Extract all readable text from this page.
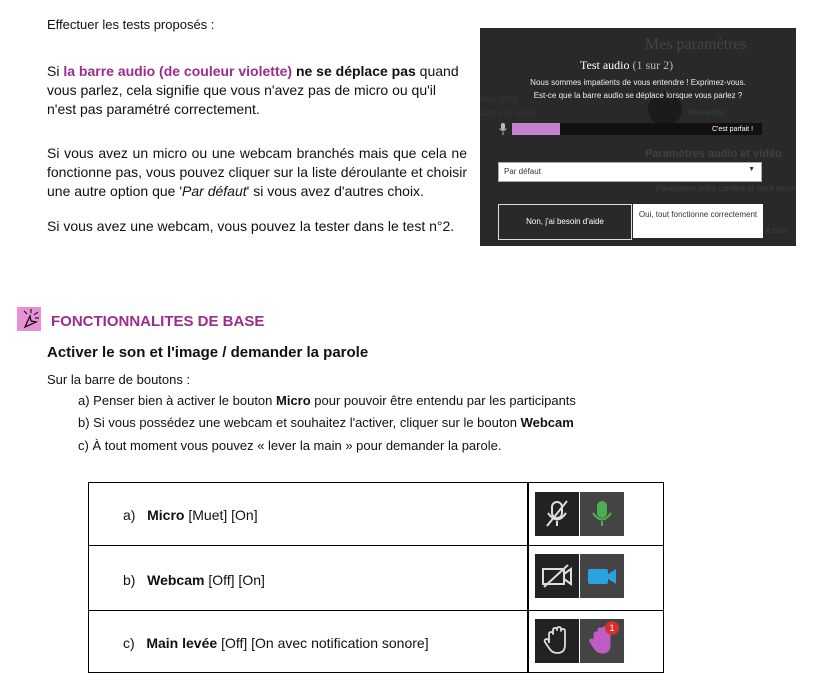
Effectuer les tests proposés :
Si la barre audio (de couleur violette) ne se déplace pas quand vous parlez, cela signifie que vous n'avez pas de micro ou qu'il n'est pas paramétré correctement.
Si vous avez un micro ou une webcam branchés mais que cela ne fonctionne pas, vous pouvez cliquer sur la liste déroulante et choisir une autre option que 'Par défaut' si vous avez d'autres choix.
Si vous avez une webcam, vous pouvez la tester dans le test n°2.
Test audio (1 sur 2)
Nous sommes impatients de vous entendre ! Exprimez-vous.
Est-ce que la barre audio se déplace lorsque vous parlez ?
C'est parfait !
Par défaut	▼
Non, j'ai besoin d'aide
Oui, tout fonctionne correctement
FONCTIONNALITES DE BASE
Activer le son et l'image / demander la parole
Sur la barre de boutons :
a) Penser bien à activer le bouton Micro pour pouvoir être entendu par les participants
b) Si vous possédez une webcam et souhaitez l'activer, cliquer sur le bouton Webcam
c) À tout moment vous pouvez « lever la main » pour demander la parole.
a) Micro [Muet] [On]
b) Webcam [Off] [On]
c) Main levée [Off] [On avec notification sonore]
1
